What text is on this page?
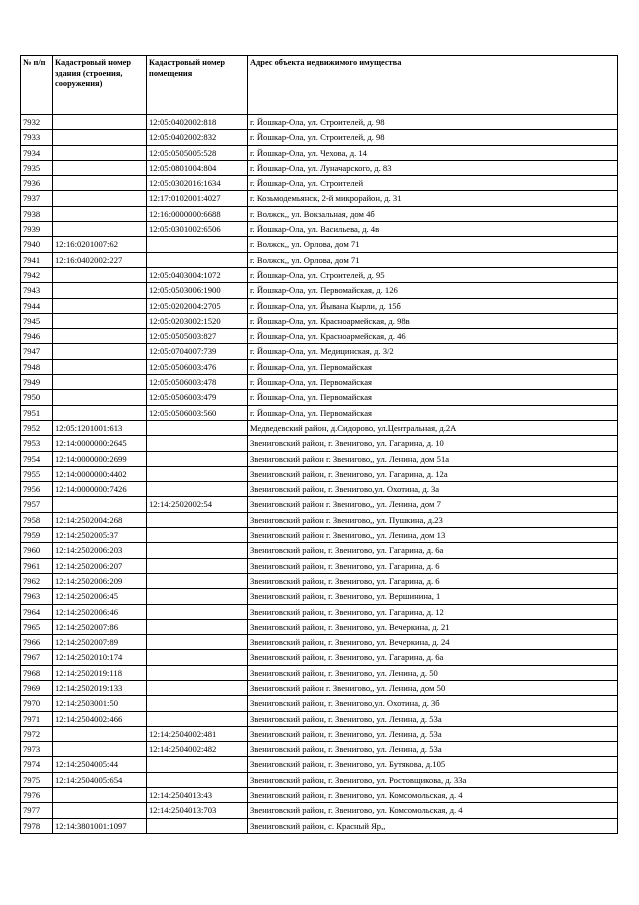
№ п/п	Кадастровый номер здания (строения, сооружения)	Кадастровый номер помещения	Адрес объекта недвижимого имущества
7932		12:05:0402002:818	г. Йошкар-Ола, ул. Строителей, д. 98
7933		12:05:0402002:832	г. Йошкар-Ола, ул. Строителей, д. 98
7934		12:05:0505005:528	г. Йошкар-Ола, ул. Чехова, д. 14
7935		12:05:0801004:804	г. Йошкар-Ола, ул. Луначарского, д. 83
7936		12:05:0302016:1634	г. Йошкар-Ола, ул. Строителей
7937		12:17:0102001:4027	г. Козьмодемьянск, 2-й микрорайон, д. 31
7938		12:16:0000000:6688	г. Волжск,, ул. Вокзальная, дом 4б
7939		12:05:0301002:6506	г. Йошкар-Ола, ул. Васильева, д. 4в
7940	12:16:0201007:62		г. Волжск,, ул. Орлова, дом 71
7941	12:16:0402002:227		г. Волжск,, ул. Орлова, дом 71
7942		12:05:0403004:1072	г. Йошкар-Ола, ул. Строителей, д. 95
7943		12:05:0503006:1900	г. Йошкар-Ола, ул. Первомайская, д. 126
7944		12:05:0202004:2705	г. Йошкар-Ола, ул. Йывана Кырли, д. 15б
7945		12:05:0203002:1520	г. Йошкар-Ола, ул. Красноармейская, д. 98в
7946		12:05:0505003:827	г. Йошкар-Ола, ул. Красноармейская, д. 46
7947		12:05:0704007:739	г. Йошкар-Ола, ул. Медицинская, д. 3/2
7948		12:05:0506003:476	г. Йошкар-Ола, ул. Первомайская
7949		12:05:0506003:478	г. Йошкар-Ола, ул. Первомайская
7950		12:05:0506003:479	г. Йошкар-Ола, ул. Первомайская
7951		12:05:0506003:560	г. Йошкар-Ола, ул. Первомайская
7952	12:05:1201001:613		Медведевский район, д.Сидорово, ул.Центральная, д.2А
7953	12:14:0000000:2645		Звениговский район, г. Звенигово, ул. Гагарина, д. 10
7954	12:14:0000000:2699		Звениговский район г. Звенигово,, ул. Ленина, дом 51а
7955	12:14:0000000:4402		Звениговский район, г. Звенигово, ул. Гагарина, д. 12а
7956	12:14:0000000:7426		Звениговский район, г. Звенигово,ул. Охотина, д. 3а
7957		12:14:2502002:54	Звениговский район г. Звенигово,, ул. Ленина, дом 7
7958	12:14:2502004:268		Звениговский район г. Звенигово,, ул. Пушкина, д.23
7959	12:14:2502005:37		Звениговский район г. Звенигово,, ул. Ленина, дом 13
7960	12:14:2502006:203		Звениговский район, г. Звенигово, ул. Гагарина, д. 6а
7961	12:14:2502006:207		Звениговский район, г. Звенигово, ул. Гагарина, д. 6
7962	12:14:2502006:209		Звениговский район, г. Звенигово, ул. Гагарина, д. 6
7963	12:14:2502006:45		Звениговский район, г. Звенигово, ул. Вершинина, 1
7964	12:14:2502006:46		Звениговский район, г. Звенигово, ул. Гагарина, д. 12
7965	12:14:2502007:86		Звениговский район, г. Звенигово, ул. Вечеркина, д. 21
7966	12:14:2502007:89		Звениговский район, г. Звенигово, ул. Вечеркина, д. 24
7967	12:14:2502010:174		Звениговский район, г. Звенигово, ул. Гагарина, д. 6а
7968	12:14:2502019:118		Звениговский район, г. Звенигово, ул. Ленина, д. 50
7969	12:14:2502019:133		Звениговский район г. Звенигово,, ул. Ленина, дом 50
7970	12:14:2503001:50		Звениговский район, г. Звенигово,ул. Охотина, д. 3б
7971	12:14:2504002:466		Звениговский район, г. Звенигово, ул. Ленина, д. 53а
7972		12:14:2504002:481	Звениговский район, г. Звенигово, ул. Ленина, д. 53а
7973		12:14:2504002:482	Звениговский район, г. Звенигово, ул. Ленина, д. 53а
7974	12:14:2504005:44		Звениговский район, г. Звенигово, ул. Бутякова, д.105
7975	12:14:2504005:654		Звениговский район, г. Звенигово, ул. Ростовщикова, д. 33а
7976		12:14:2504013:43	Звениговский район, г. Звенигово, ул. Комсомольская, д. 4
7977		12:14:2504013:703	Звениговский район, г. Звенигово, ул. Комсомольская, д. 4
7978	12:14:3801001:1097		Звениговский район, с. Красный Яр,,
